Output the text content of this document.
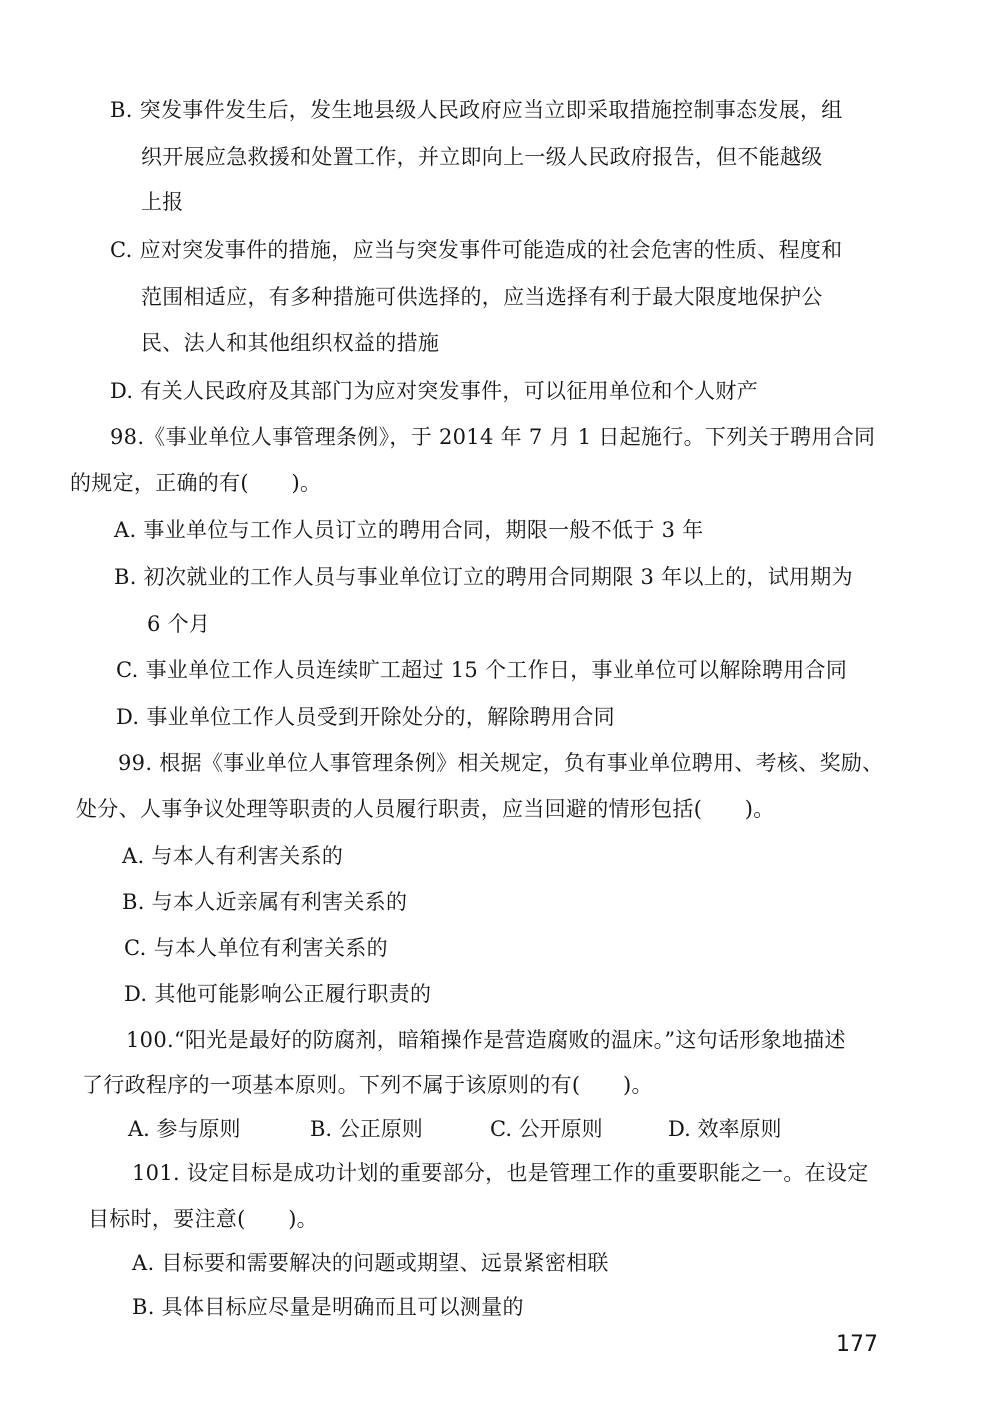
B. 突发事件发生后，发生地县级人民政府应当立即采取措施控制事态发展，组
织开展应急救援和处置工作，并立即向上一级人民政府报告，但不能越级
上报
C. 应对突发事件的措施，应当与突发事件可能造成的社会危害的性质、程度和
范围相适应，有多种措施可供选择的，应当选择有利于最大限度地保护公
民、法人和其他组织权益的措施
D. 有关人民政府及其部门为应对突发事件，可以征用单位和个人财产
98.《事业单位人事管理条例》，于 2014 年 7 月 1 日起施行。下列关于聘用合同
的规定，正确的有(　　)。
A. 事业单位与工作人员订立的聘用合同，期限一般不低于 3 年
B. 初次就业的工作人员与事业单位订立的聘用合同期限 3 年以上的，试用期为
6 个月
C. 事业单位工作人员连续旷工超过 15 个工作日，事业单位可以解除聘用合同
D. 事业单位工作人员受到开除处分的，解除聘用合同
99. 根据《事业单位人事管理条例》相关规定，负有事业单位聘用、考核、奖励、
处分、人事争议处理等职责的人员履行职责，应当回避的情形包括(　　)。
A. 与本人有利害关系的
B. 与本人近亲属有利害关系的
C. 与本人单位有利害关系的
D. 其他可能影响公正履行职责的
100.“阳光是最好的防腐剂，暗箱操作是营造腐败的温床。”这句话形象地描述
了行政程序的一项基本原则。下列不属于该原则的有(　　)。
A. 参与原则	B. 公正原则	C. 公开原则	D. 效率原则
101. 设定目标是成功计划的重要部分，也是管理工作的重要职能之一。在设定
目标时，要注意(　　)。
A. 目标要和需要解决的问题或期望、远景紧密相联
B. 具体目标应尽量是明确而且可以测量的
177
